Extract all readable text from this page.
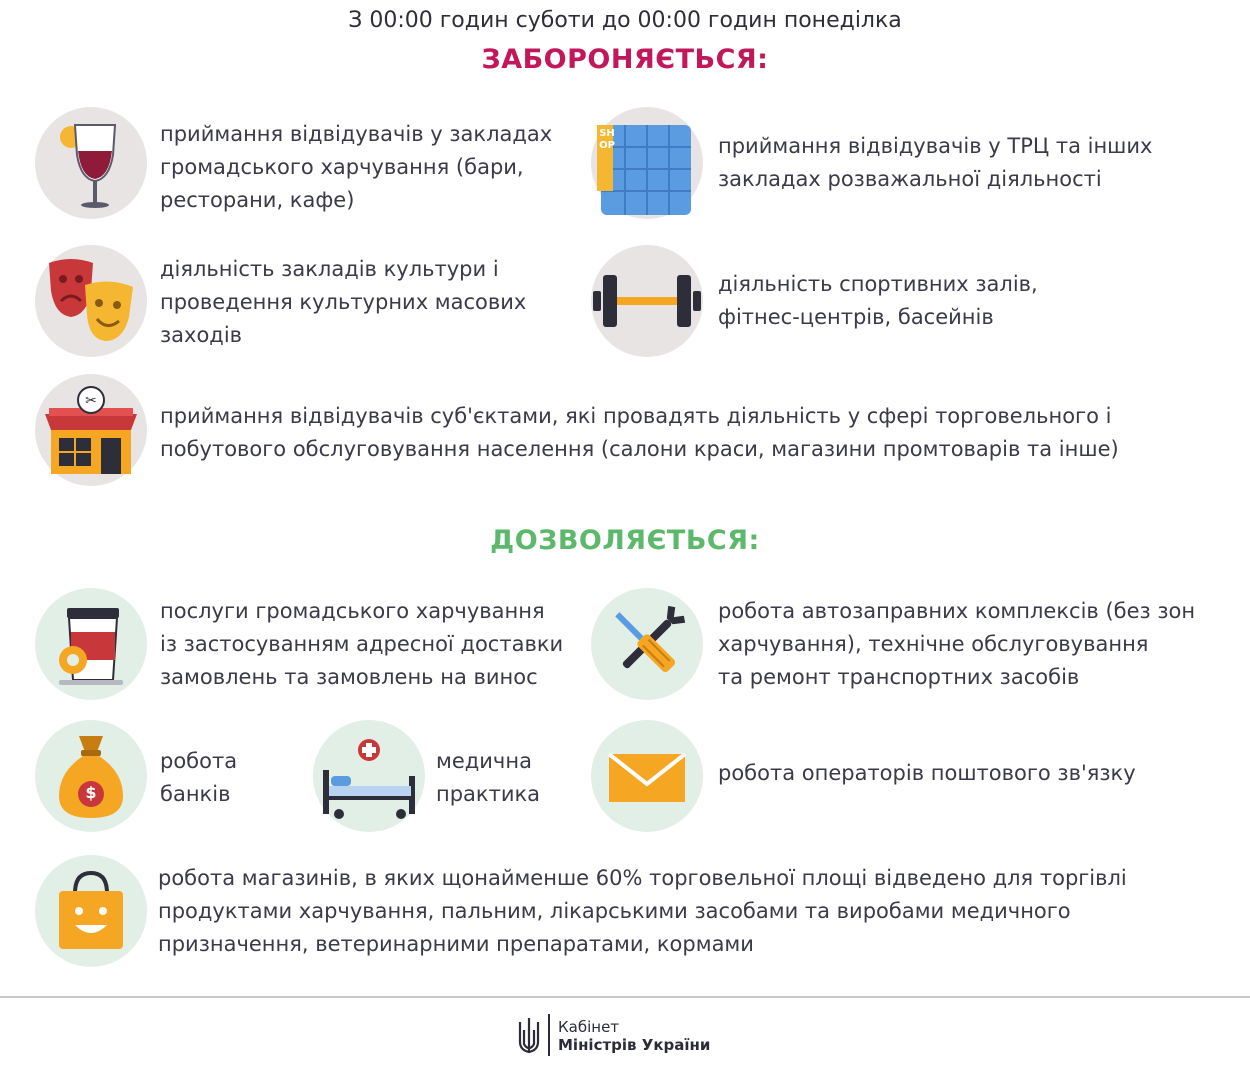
З 00:00 годин суботи до 00:00 годин понеділка
ЗАБОРОНЯЄТЬСЯ:
приймання відвідувачів у закладах
громадського харчування (бари,
ресторани, кафе)
SHOP	приймання відвідувачів у ТРЦ та інших
закладах розважальної діяльності
діяльність закладів культури і
проведення культурних масових
заходів
діяльність спортивних залів,
фітнес-центрів, басейнів
✂
приймання відвідувачів суб'єктами, які провадять діяльність у сфері торговельного і
побутового обслуговування населення (салони краси, магазини промтоварів та інше)
ДОЗВОЛЯЄТЬСЯ:
послуги громадського харчування
із застосуванням адресної доставки
замовлень та замовлень на винос
робота автозаправних комплексів (без зон
харчування), технічне обслуговування
та ремонт транспортних засобів
$
робота
банків
медична
практика
робота операторів поштового зв'язку
робота магазинів, в яких щонайменше 60% торговельної площі відведено для торгівлі
продуктами харчування, пальним, лікарськими засобами та виробами медичного
призначення, ветеринарними препаратами, кормами
Кабінет
Міністрів України
